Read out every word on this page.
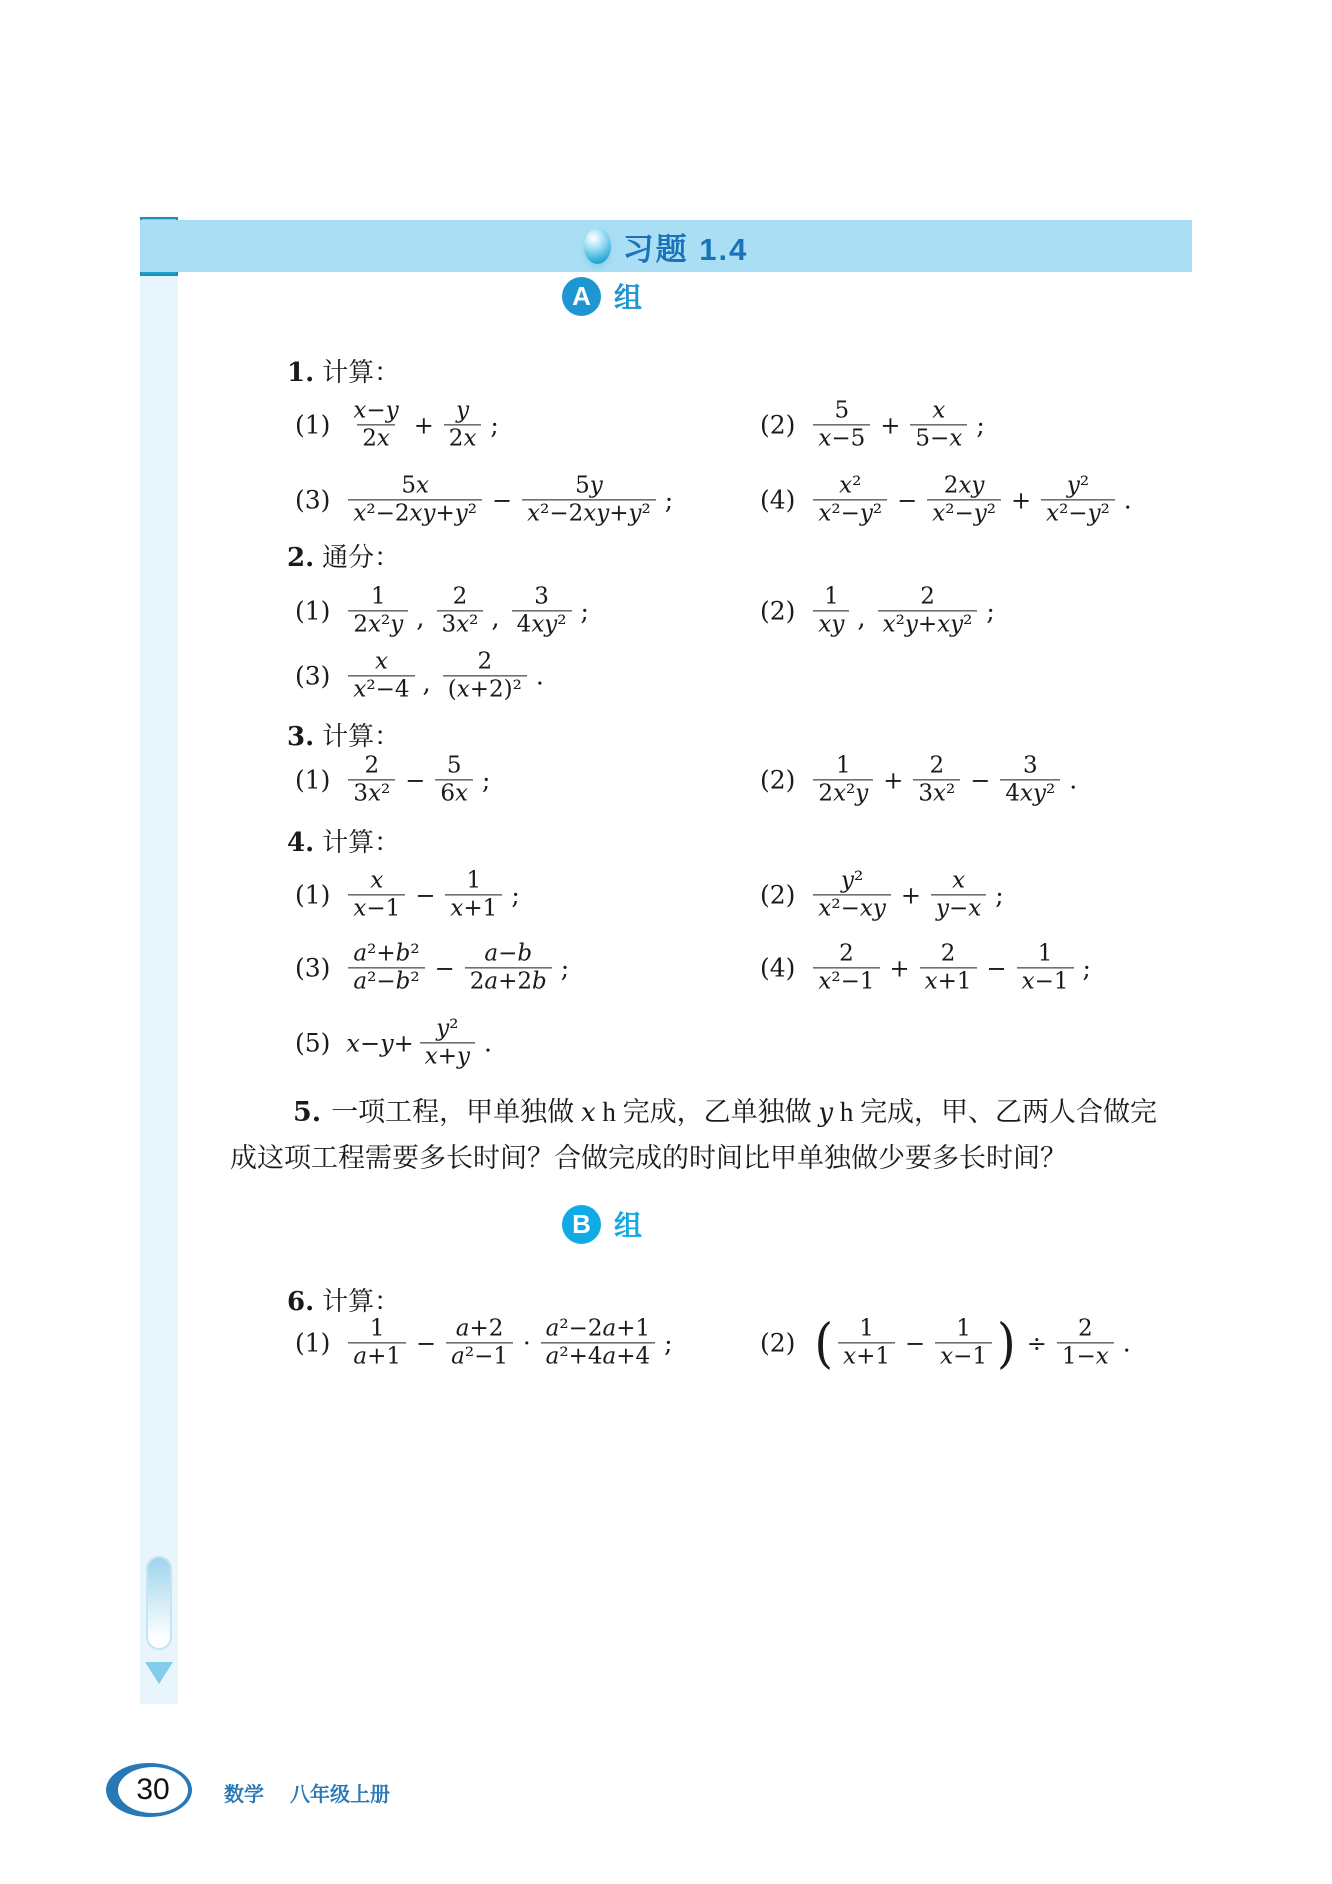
习题 1.4
A 组
1. 计算：
$(1) \frac{x-y}{2x} + \frac{y}{2x}$ ;	$(2) \frac{5}{x-5} + \frac{x}{5-x}$ ;
$(3) \frac{5x}{\text{x²−2xy+y²}} - \frac{5y}{\text{x²−2xy+y²}}$ ;	$(4) \frac{\text{x²}}{\text{x²−y²}} - \frac{2xy}{\text{x²−y²}} + \frac{\text{y²}}{\text{x²−y²}}$ .
2. 通分：
$(1) \frac{1}{\text{2x²y}}$ , $\frac{2}{\text{3x²}}$ , $\frac{3}{\text{4xy²}}$ ;	$(2) \frac{1}{xy}$ , $\frac{2}{\text{x²y+xy²}}$ ;
$(3) \frac{x}{\text{x²−4}}$ , $\frac{2}{\text{(x+2)²}}$ .
3. 计算：
$(1) \frac{2}{\text{3x²}} - \frac{5}{6x}$ ;	$(2) \frac{1}{\text{2x²y}} + \frac{2}{\text{3x²}} - \frac{3}{\text{4xy²}}$ .
4. 计算：
$(1) \frac{x}{x-1} - \frac{1}{x+1}$ ;	$(2) \frac{\text{y²}}{\text{x²−xy}} + \frac{x}{y-x}$ ;
$(3) \frac{\text{a²+b²}}{\text{a²−b²}} - \frac{a-b}{2a+2b}$ ;	$(4) \frac{2}{\text{x²−1}} + \frac{2}{x+1} - \frac{1}{x-1}$ ;
(5) $x-y+ \frac{\text{y²}}{x+y}$ .
5. 一项工程，甲单独做 x h 完成，乙单独做 y h 完成，甲、乙两人合做完
成这项工程需要多长时间？合做完成的时间比甲单独做少要多长时间？
B 组
6. 计算：
$(1) \frac{1}{a+1} - \frac{a+2}{\text{a²−1}} \cdot \frac{\text{a²−2a+1}}{\text{a²+4a+4}}$ ;	(2) ( $\frac{1}{x+1} - \frac{1}{x-1}$ ) ÷ $\frac{2}{1-x}$ .
30	数学 八年级上册
